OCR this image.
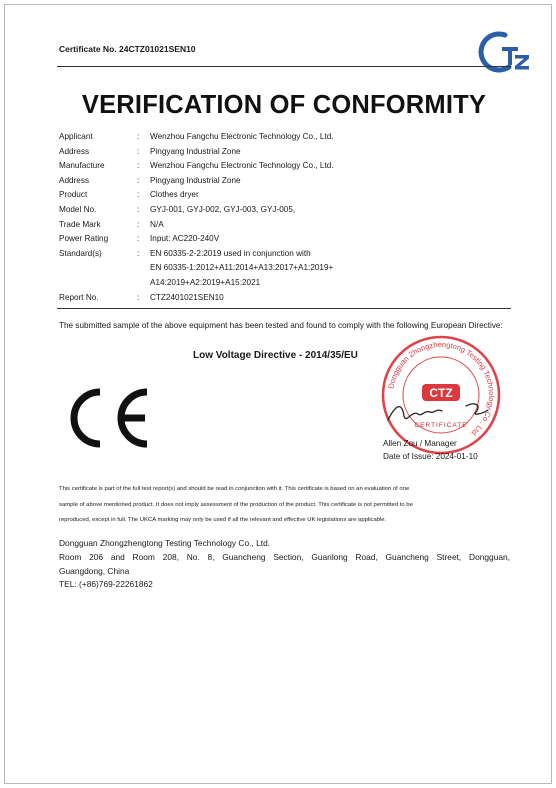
Certificate No. 24CTZ01021SEN10
VERIFICATION OF CONFORMITY
Applicant	: Wenzhou Fangchu Electronic Technology Co., Ltd.
Address	: Pingyang Industrial Zone
Manufacture	: Wenzhou Fangchu Electronic Technology Co., Ltd.
Address	: Pingyang Industrial Zone
Product	: Clothes dryer
Model No.	: GYJ-001, GYJ-002, GYJ-003, GYJ-005,
Trade Mark	: N/A
Power Rating	: Input: AC220-240V
Standard(s)	: EN 60335-2-2:2019 used in conjunction with
EN 60335-1:2012+A11:2014+A13:2017+A1:2019+
A14:2019+A2:2019+A15:2021
Report No.	: CTZ2401021SEN10
The submitted sample of the above equipment has been tested and found to comply with the following European Directive:
Low Voltage Directive - 2014/35/EU
Dongguan Zhongzhengtong Testing Technology Co., Ltd.
CTZ
CERTIFICATE
Allen Zou / Manager
Date of Issue: 2024-01-10
This certificate is part of the full test report(s) and should be read in conjunction with it. This certificate is based on an evaluation of one
sample of above mentioned product. It does not imply assessment of the production of the product. This certificate is not permitted to be
reproduced, except in full. The UKCA marking may only be used if all the relevant and effective UK legislations are applicable.
Dongguan Zhongzhengtong Testing Technology Co., Ltd.
Room 206 and Room 208, No. 8, Guancheng Section, Guanlong Road, Guancheng Street, Dongguan,
Guangdong, China
TEL: (+86)769-22261862
